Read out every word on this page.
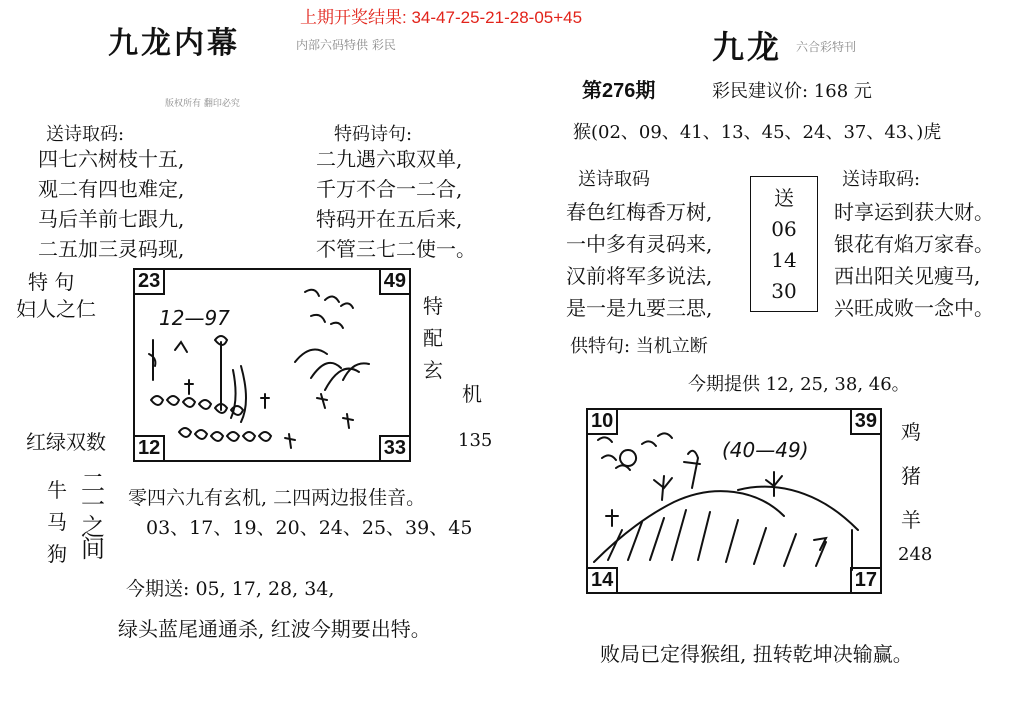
上期开奖结果: 34-47-25-21-28-05+45
九龙内幕	内部六码特供 彩民
版权所有 翻印必究
送诗取码:	特码诗句:
四七六树枝十五,
观二有四也难定,
马后羊前七跟九,
二五加三灵码现,
二九遇六取双单,
千万不合一二合,
特码开在五后来,
不管三七二使一。
特 句
妇人之仁
红绿双数
23	49
12	33
12—97	特
配
玄
机
135
牛
马
狗
二
一
之
间
零四六九有玄机, 二四两边报佳音。
03、17、19、20、24、25、39、45
今期送: 05, 17, 28, 34,
绿头蓝尾通通杀, 红波今期要出特。
九龙 六合彩特刊
第276期	彩民建议价: 168 元
猴(02、09、41、13、45、24、37、43、)虎
送诗取码	送诗取码:
春色红梅香万树,
一中多有灵码来,
汉前将军多说法,
是一是九要三思,
送
06
14
30
时享运到获大财。
银花有焰万家春。
西出阳关见瘦马,
兴旺成败一念中。
供特句: 当机立断
今期提供 12, 25, 38, 46。
10	39
14	17
(40—49)
鸡
猪
羊
248
败局已定得猴组, 扭转乾坤决输赢。
